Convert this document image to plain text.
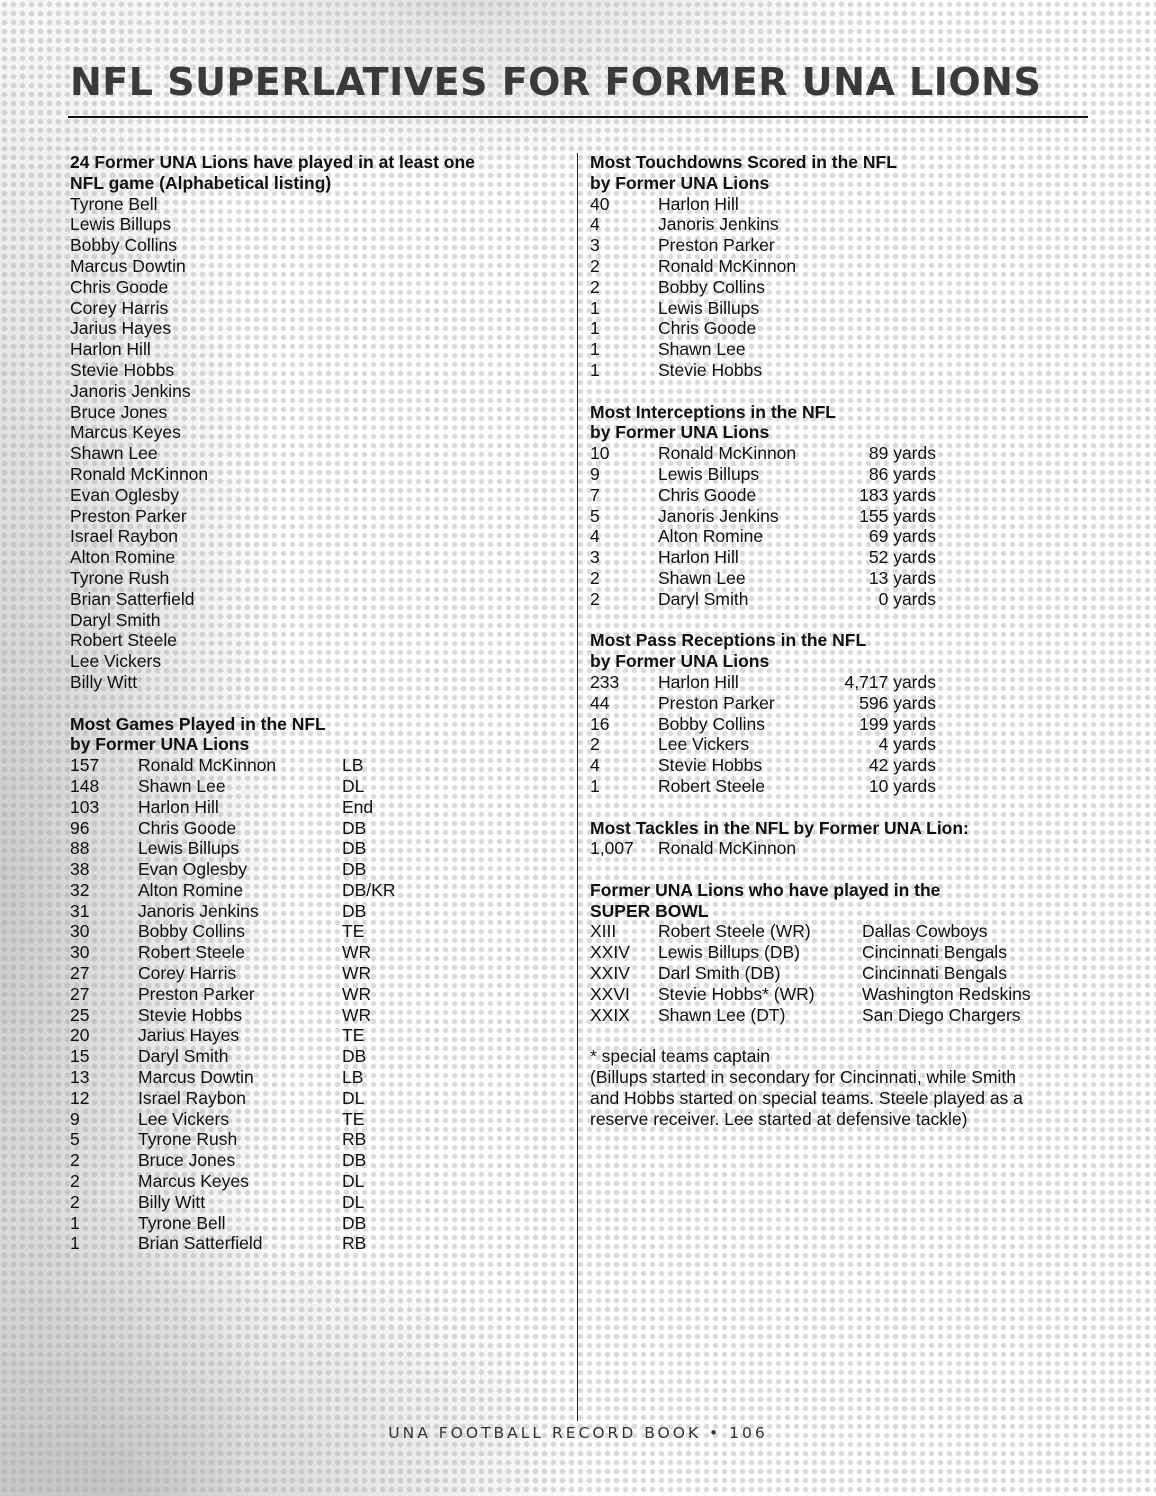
NFL SUPERLATIVES FOR FORMER UNA LIONS
24 Former UNA Lions have played in at least one
NFL game (Alphabetical listing)
Tyrone Bell
Lewis Billups
Bobby Collins
Marcus Dowtin
Chris Goode
Corey Harris
Jarius Hayes
Harlon Hill
Stevie Hobbs
Janoris Jenkins
Bruce Jones
Marcus Keyes
Shawn Lee
Ronald McKinnon
Evan Oglesby
Preston Parker
Israel Raybon
Alton Romine
Tyrone Rush
Brian Satterfield
Daryl Smith
Robert Steele
Lee Vickers
Billy Witt
Most Games Played in the NFL
by Former UNA Lions
157	Ronald McKinnon	LB
148	Shawn Lee	DL
103	Harlon Hill	End
96	Chris Goode	DB
88	Lewis Billups	DB
38	Evan Oglesby	DB
32	Alton Romine	DB/KR
31	Janoris Jenkins	DB
30	Bobby Collins	TE
30	Robert Steele	WR
27	Corey Harris	WR
27	Preston Parker	WR
25	Stevie Hobbs	WR
20	Jarius Hayes	TE
15	Daryl Smith	DB
13	Marcus Dowtin	LB
12	Israel Raybon	DL
9	Lee Vickers	TE
5	Tyrone Rush	RB
2	Bruce Jones	DB
2	Marcus Keyes	DL
2	Billy Witt	DL
1	Tyrone Bell	DB
1	Brian Satterfield	RB
Most Touchdowns Scored in the NFL
by Former UNA Lions
40	Harlon Hill
4	Janoris Jenkins
3	Preston Parker
2	Ronald McKinnon
2	Bobby Collins
1	Lewis Billups
1	Chris Goode
1	Shawn Lee
1	Stevie Hobbs
Most Interceptions in the NFL
by Former UNA Lions
10	Ronald McKinnon	89 yards
9	Lewis Billups	86 yards
7	Chris Goode	183 yards
5	Janoris Jenkins	155 yards
4	Alton Romine	69 yards
3	Harlon Hill	52 yards
2	Shawn Lee	13 yards
2	Daryl Smith	0 yards
Most Pass Receptions in the NFL
by Former UNA Lions
233	Harlon Hill	4,717 yards
44	Preston Parker	596 yards
16	Bobby Collins	199 yards
2	Lee Vickers	4 yards
4	Stevie Hobbs	42 yards
1	Robert Steele	10 yards
Most Tackles in the NFL by Former UNA Lion:
1,007	Ronald McKinnon
Former UNA Lions who have played in the
SUPER BOWL
XIII	Robert Steele (WR)	Dallas Cowboys
XXIV	Lewis Billups (DB)	Cincinnati Bengals
XXIV	Darl Smith (DB)	Cincinnati Bengals
XXVI	Stevie Hobbs* (WR)	Washington Redskins
XXIX	Shawn Lee (DT)	San Diego Chargers
* special teams captain
(Billups started in secondary for Cincinnati, while Smith
and Hobbs started on special teams. Steele played as a
reserve receiver. Lee started at defensive tackle)
UNA FOOTBALL RECORD BOOK • 106
